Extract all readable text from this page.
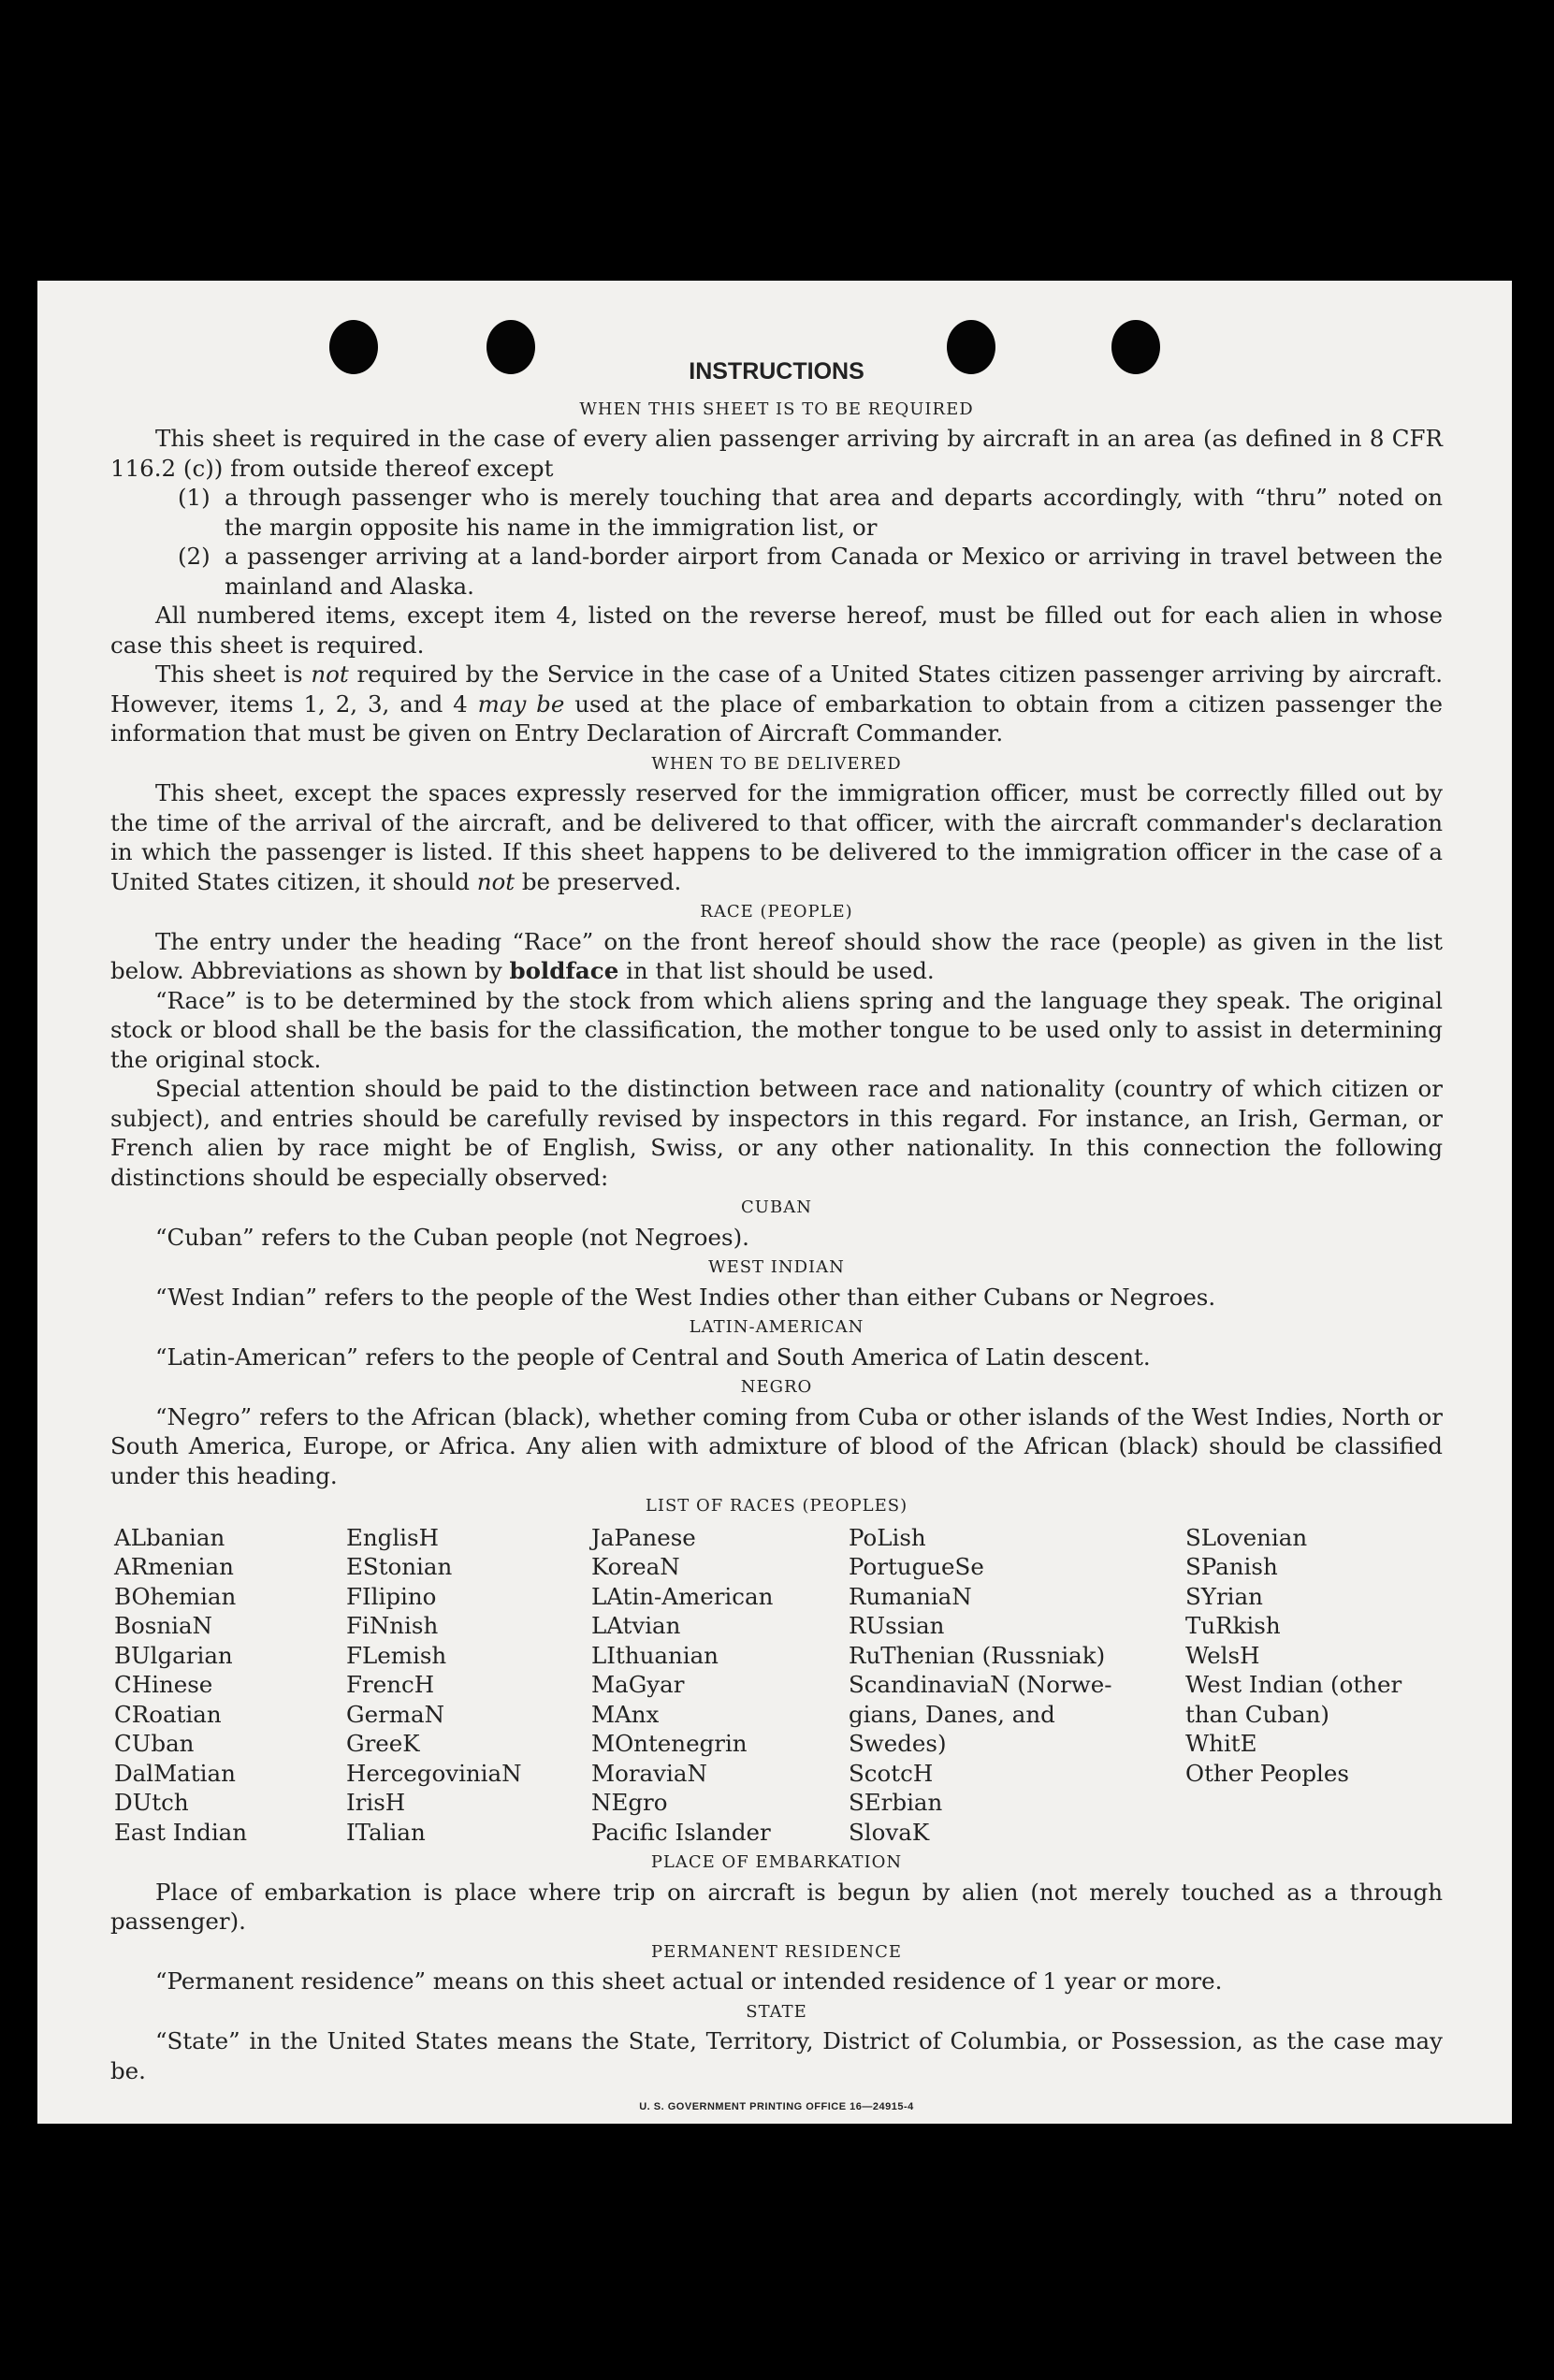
INSTRUCTIONS
WHEN THIS SHEET IS TO BE REQUIRED

This sheet is required in the case of every alien passenger arriving by aircraft in an area (as defined in 8 CFR 116.2 (c)) from outside thereof except

(1) a through passenger who is merely touching that area and departs accordingly, with “thru” noted on the margin opposite his name in the immigration list, or
(2) a passenger arriving at a land-border airport from Canada or Mexico or arriving in travel between the mainland and Alaska.

All numbered items, except item 4, listed on the reverse hereof, must be filled out for each alien in whose case this sheet is required.

This sheet is not required by the Service in the case of a United States citizen passenger arriving by aircraft. However, items 1, 2, 3, and 4 may be used at the place of embarkation to obtain from a citizen passenger the information that must be given on Entry Declaration of Aircraft Commander.

WHEN TO BE DELIVERED

This sheet, except the spaces expressly reserved for the immigration officer, must be correctly filled out by the time of the arrival of the aircraft, and be delivered to that officer, with the aircraft commander's declaration in which the passenger is listed. If this sheet happens to be delivered to the immigration officer in the case of a United States citizen, it should not be preserved.

RACE (PEOPLE)

The entry under the heading “Race” on the front hereof should show the race (people) as given in the list below. Abbreviations as shown by boldface in that list should be used.

“Race” is to be determined by the stock from which aliens spring and the language they speak. The original stock or blood shall be the basis for the classification, the mother tongue to be used only to assist in determining the original stock.

Special attention should be paid to the distinction between race and nationality (country of which citizen or subject), and entries should be carefully revised by inspectors in this regard. For instance, an Irish, German, or French alien by race might be of English, Swiss, or any other nationality. In this connection the following distinctions should be especially observed:

CUBAN

“Cuban” refers to the Cuban people (not Negroes).

WEST INDIAN

“West Indian” refers to the people of the West Indies other than either Cubans or Negroes.

LATIN-AMERICAN

“Latin-American” refers to the people of Central and South America of Latin descent.

NEGRO

“Negro” refers to the African (black), whether coming from Cuba or other islands of the West Indies, North or South America, Europe, or Africa. Any alien with admixture of blood of the African (black) should be classified under this heading.

LIST OF RACES (PEOPLES)
ALbanian
ARmenian
BOhemian
BosniaN
BUlgarian
CHinese
CRoatian
CUban
DalMatian
DUtch
East Indian
EnglisH
EStonian
FIlipino
FiNnish
FLemish
FrencH
GermaN
GreeK
HercegoviniaN
IrisH
ITalian
JaPanese
KoreaN
LAtin-American
LAtvian
LIthuanian
MaGyar
MAnx
MOntenegrin
MoraviaN
NEgro
Pacific Islander
PoLish
PortugueSe
RumaniaN
RUssian
RuThenian (Russniak)
ScandinaviaN (Norwe-
gians, Danes, and
Swedes)
ScotcH
SErbian
SlovaK
SLovenian
SPanish
SYrian
TuRkish
WelsH
West Indian (other
than Cuban)
WhitE
Other Peoples
PLACE OF EMBARKATION

Place of embarkation is place where trip on aircraft is begun by alien (not merely touched as a through passenger).

PERMANENT RESIDENCE

“Permanent residence” means on this sheet actual or intended residence of 1 year or more.

STATE

“State” in the United States means the State, Territory, District of Columbia, or Possession, as the case may be.

U. S. GOVERNMENT PRINTING OFFICE 16—24915-4
